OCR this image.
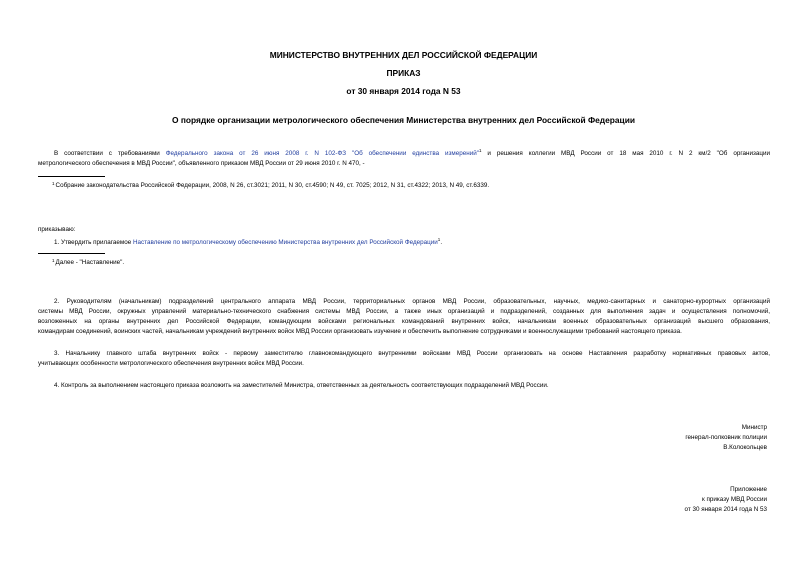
МИНИСТЕРСТВО ВНУТРЕННИХ ДЕЛ РОССИЙСКОЙ ФЕДЕРАЦИИ
ПРИКАЗ
от 30 января 2014 года N 53
О порядке организации метрологического обеспечения Министерства внутренних дел Российской Федерации
В соответствии с требованиями Федерального закона от 26 июня 2008 г. N 102-ФЗ "Об обеспечении единства измерений"$^1$ и решения коллегии МВД России от 18 мая 2010 г. N 2 км/2 "Об организации
метрологического обеспечения в МВД России", объявленного приказом МВД России от 29 июня 2010 г. N 470, -
$^1$Собрание законодательства Российской Федерации, 2008, N 26, ст.3021; 2011, N 30, ст.4590; N 49, ст. 7025; 2012, N 31, ст.4322; 2013, N 49, ст.6339.
приказываю:
1. Утвердить прилагаемое Наставление по метрологическому обеспечению Министерства внутренних дел Российской Федерации$^1$.
$^1$Далее - "Наставление".
2. Руководителям (начальникам) подразделений центрального аппарата МВД России, территориальных органов МВД России, образовательных, научных, медико-санитарных и санаторно-курортных организаций
системы МВД России, окружных управлений материально-технического снабжения системы МВД России, а также иных организаций и подразделений, созданных для выполнения задач и осуществления полномочий,
возложенных на органы внутренних дел Российской Федерации, командующим войсками региональных командований внутренних войск, начальникам военных образовательных организаций высшего образования,
командирам соединений, воинских частей, начальникам учреждений внутренних войск МВД России организовать изучение и обеспечить выполнение сотрудниками и военнослужащими требований настоящего приказа.
3. Начальнику главного штаба внутренних войск - первому заместителю главнокомандующего внутренними войсками МВД России организовать на основе Наставления разработку нормативных правовых актов,
учитывающих особенности метрологического обеспечения внутренних войск МВД России.
4. Контроль за выполнением настоящего приказа возложить на заместителей Министра, ответственных за деятельность соответствующих подразделений МВД России.
Министр
генерал-полковник полиции
В.Колокольцев
Приложение
к приказу МВД России
от 30 января 2014 года N 53
